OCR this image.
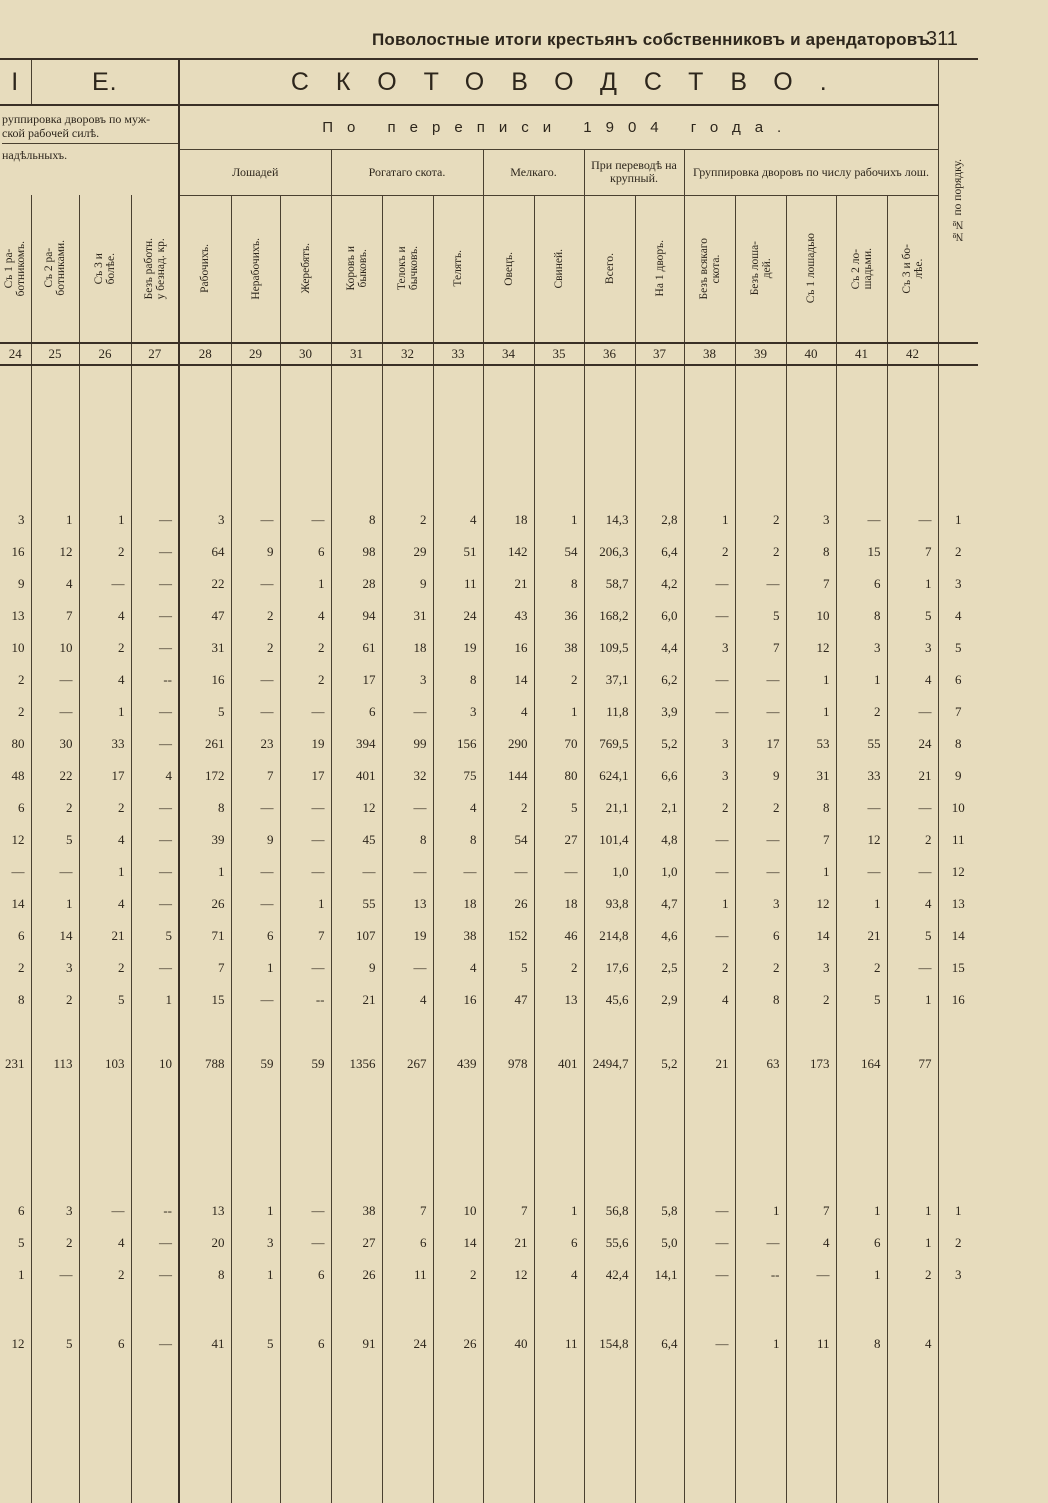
Поволостные итоги крестьянъ собственниковъ и арендаторовъ.
311
I	Е.			СКОТОВОДСТВО.															№№ по порядку.

руппировка дворовъ по муж-
ской рабочей силѣ.
надѣльныхъ.				По переписи 1904 года.															
				Лошадей			Рогатаго скота.			Мелкаго.		При переводѣ на крупный.		Группировка дворовъ по числу рабочихъ лош.					

Съ 1 ра-
ботникомъ.	Съ 2 ра-
ботниками.	Съ 3 и
болѣе.	Безъ работн.
у безнад. кр.	Рабочихъ.	Нерабочихъ.	Жеребятъ.	Коровъ и
быковъ.	Телокъ и
бычковъ.	Телятъ.	Овецъ.	Свиней.	Всего.	На 1 дворъ.	Безъ всякаго
скота.	Безъ лоша-
дей.	Съ 1 лошадью	Съ 2 ло-
шадьми.	Съ 3 и бо-
лѣе.	

24	25	26	27	28	29	30	31	32	33	34	35	36	37	38	39	40	41	42	

3	1	1	—	3	—	—	8	2	4	18	1	14,3	2,8	1	2	3	—	—	1
16	12	2	—	64	9	6	98	29	51	142	54	206,3	6,4	2	2	8	15	7	2
9	4	—	—	22	—	1	28	9	11	21	8	58,7	4,2	—	—	7	6	1	3
13	7	4	—	47	2	4	94	31	24	43	36	168,2	6,0	—	5	10	8	5	4
10	10	2	—	31	2	2	61	18	19	16	38	109,5	4,4	3	7	12	3	3	5
2	—	4	--	16	—	2	17	3	8	14	2	37,1	6,2	—	—	1	1	4	6
2	—	1	—	5	—	—	6	—	3	4	1	11,8	3,9	—	—	1	2	—	7
80	30	33	—	261	23	19	394	99	156	290	70	769,5	5,2	3	17	53	55	24	8
48	22	17	4	172	7	17	401	32	75	144	80	624,1	6,6	3	9	31	33	21	9
6	2	2	—	8	—	—	12	—	4	2	5	21,1	2,1	2	2	8	—	—	10
12	5	4	—	39	9	—	45	8	8	54	27	101,4	4,8	—	—	7	12	2	11
—	—	1	—	1	—	—	—	—	—	—	—	1,0	1,0	—	—	1	—	—	12
14	1	4	—	26	—	1	55	13	18	26	18	93,8	4,7	1	3	12	1	4	13
6	14	21	5	71	6	7	107	19	38	152	46	214,8	4,6	—	6	14	21	5	14
2	3	2	—	7	1	—	9	—	4	5	2	17,6	2,5	2	2	3	2	—	15
8	2	5	1	15	—	--	21	4	16	47	13	45,6	2,9	4	8	2	5	1	16

231	113	103	10	788	59	59	1356	267	439	978	401	2494,7	5,2	21	63	173	164	77	

6	3	—	--	13	1	—	38	7	10	7	1	56,8	5,8	—	1	7	1	1	1
5	2	4	—	20	3	—	27	6	14	21	6	55,6	5,0	—	—	4	6	1	2
1	—	2	—	8	1	6	26	11	2	12	4	42,4	14,1	—	--	—	1	2	3

12	5	6	—	41	5	6	91	24	26	40	11	154,8	6,4	—	1	11	8	4	
